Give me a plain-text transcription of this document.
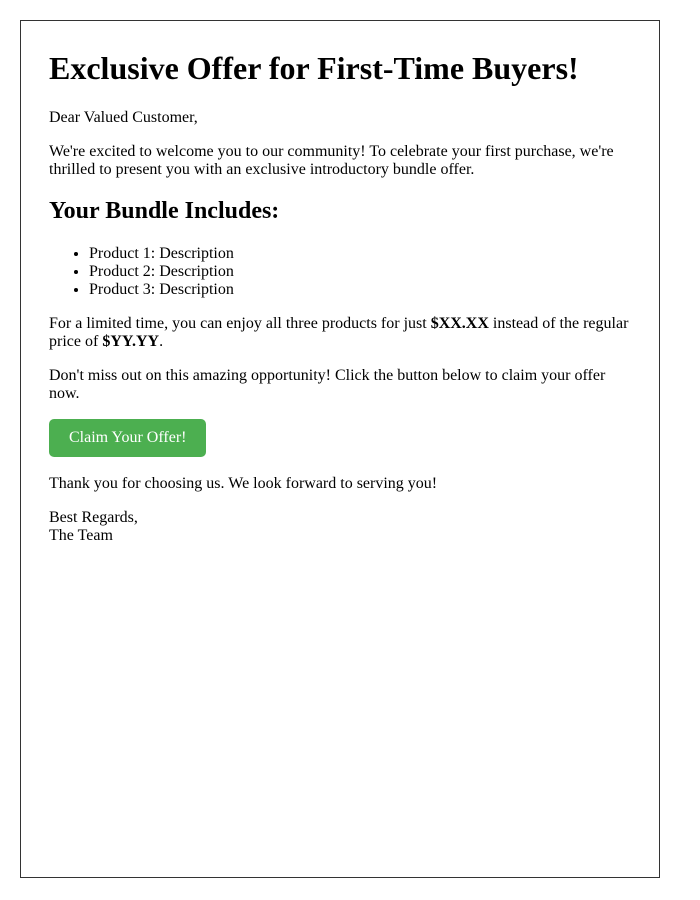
Exclusive Offer for First-Time Buyers!

Dear Valued Customer,

We're excited to welcome you to our community! To celebrate your first purchase, we're thrilled to present you with an exclusive introductory bundle offer.

Your Bundle Includes:
• Product 1: Description
• Product 2: Description
• Product 3: Description

For a limited time, you can enjoy all three products for just $XX.XX instead of the regular price of $YY.YY.

Don't miss out on this amazing opportunity! Click the button below to claim your offer now.

Claim Your Offer!

Thank you for choosing us. We look forward to serving you!

Best Regards,
The Team
